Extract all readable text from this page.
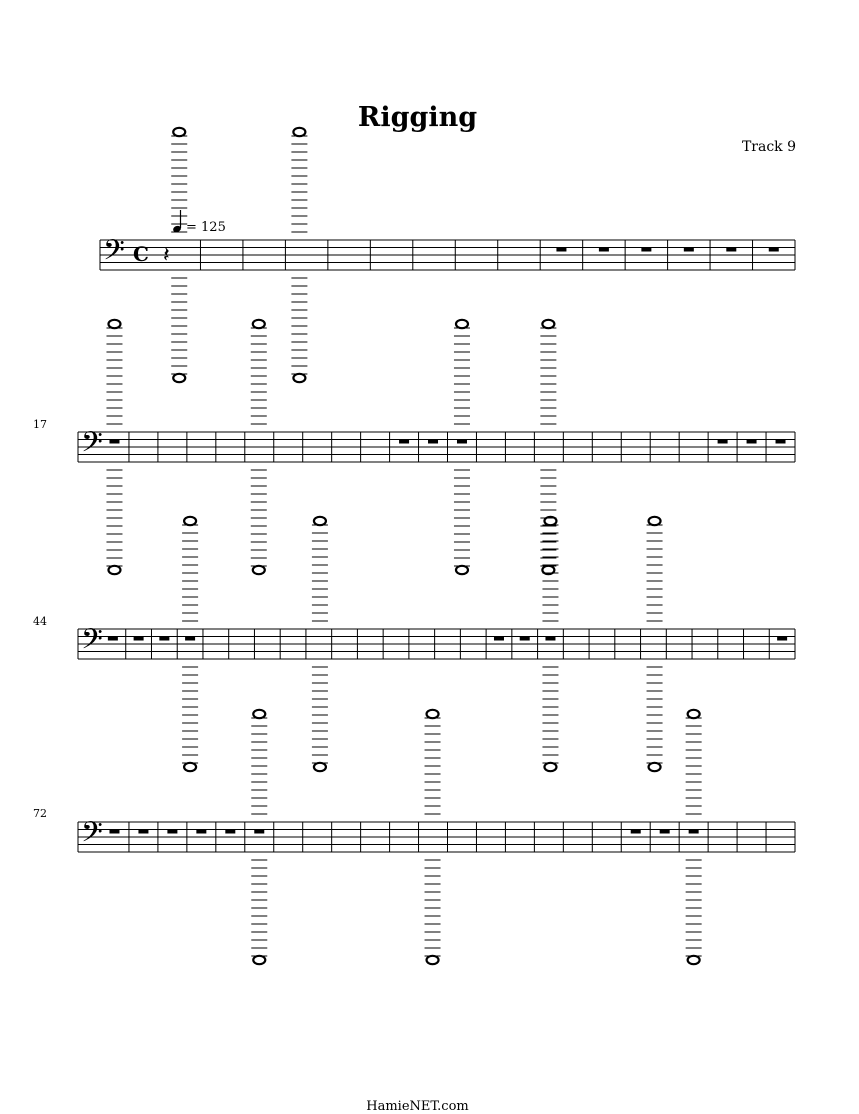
Rigging
Track 9
= 125
17
44
72
HamieNET.com
𝄢 C 𝄽
𝄢
𝄢
𝄢
